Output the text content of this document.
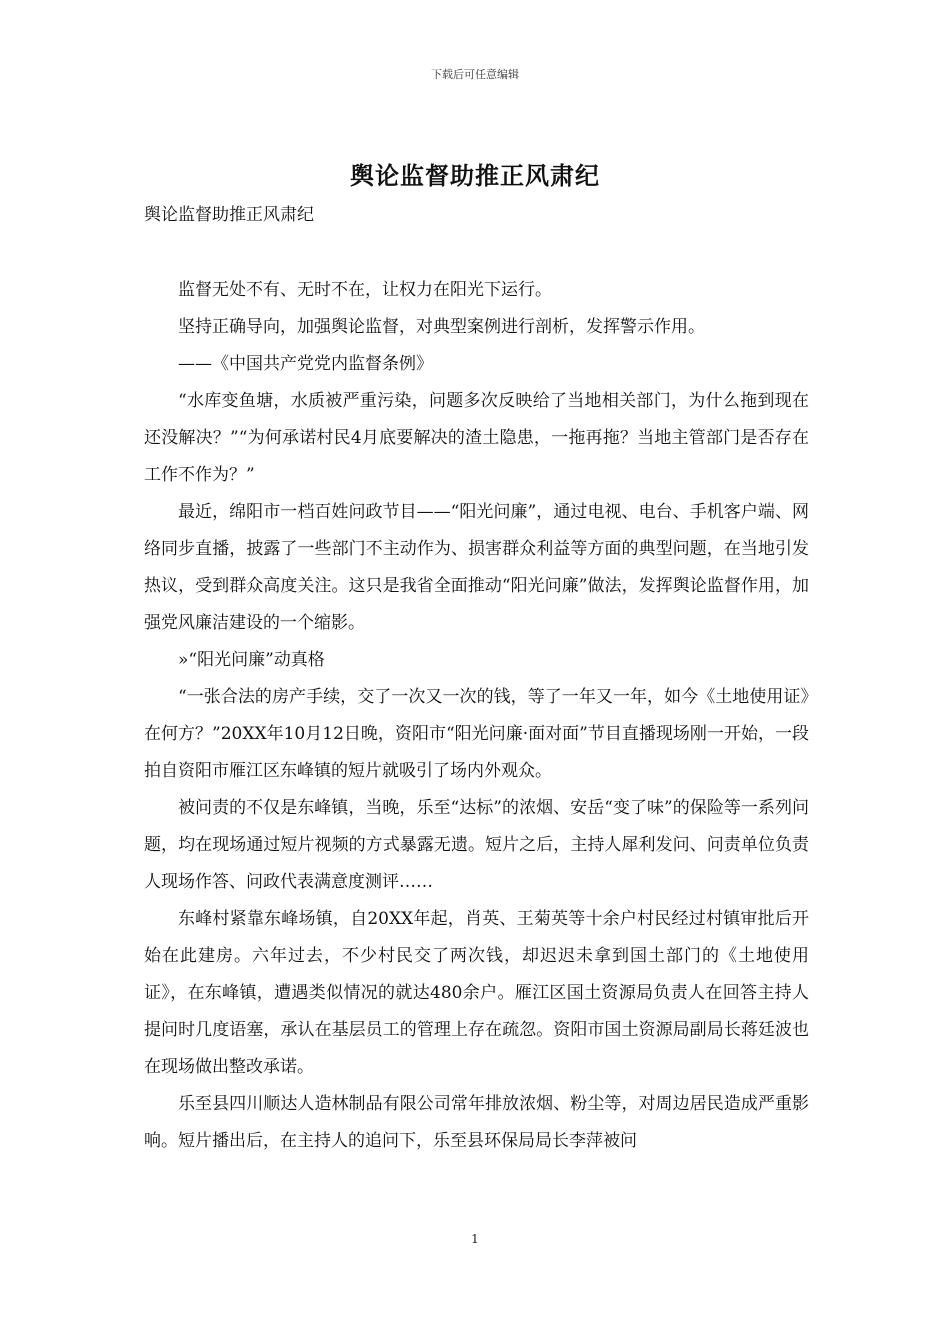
下载后可任意编辑
舆论监督助推正风肃纪
舆论监督助推正风肃纪

监督无处不有、无时不在，让权力在阳光下运行。

坚持正确导向，加强舆论监督，对典型案例进行剖析，发挥警示作用。

——《中国共产党党内监督条例》

“水库变鱼塘，水质被严重污染，问题多次反映给了当地相关部门，为什么拖到现在还没解决？”“为何承诺村民4月底要解决的渣土隐患，一拖再拖？当地主管部门是否存在工作不作为？”

最近，绵阳市一档百姓问政节目——“阳光问廉”，通过电视、电台、手机客户端、网络同步直播，披露了一些部门不主动作为、损害群众利益等方面的典型问题，在当地引发热议，受到群众高度关注。这只是我省全面推动“阳光问廉”做法，发挥舆论监督作用，加强党风廉洁建设的一个缩影。

»“阳光问廉”动真格

“一张合法的房产手续，交了一次又一次的钱，等了一年又一年，如今《土地使用证》在何方？”20XX年10月12日晚，资阳市“阳光问廉·面对面”节目直播现场刚一开始，一段拍自资阳市雁江区东峰镇的短片就吸引了场内外观众。

被问责的不仅是东峰镇，当晚，乐至“达标”的浓烟、安岳“变了味”的保险等一系列问题，均在现场通过短片视频的方式暴露无遗。短片之后，主持人犀利发问、问责单位负责人现场作答、问政代表满意度测评……

东峰村紧靠东峰场镇，自20XX年起，肖英、王菊英等十余户村民经过村镇审批后开始在此建房。六年过去，不少村民交了两次钱，却迟迟未拿到国土部门的《土地使用证》，在东峰镇，遭遇类似情况的就达480余户。雁江区国土资源局负责人在回答主持人提问时几度语塞，承认在基层员工的管理上存在疏忽。资阳市国土资源局副局长蒋廷波也在现场做出整改承诺。

乐至县四川顺达人造林制品有限公司常年排放浓烟、粉尘等，对周边居民造成严重影响。短片播出后，在主持人的追问下，乐至县环保局局长李萍被问

1
